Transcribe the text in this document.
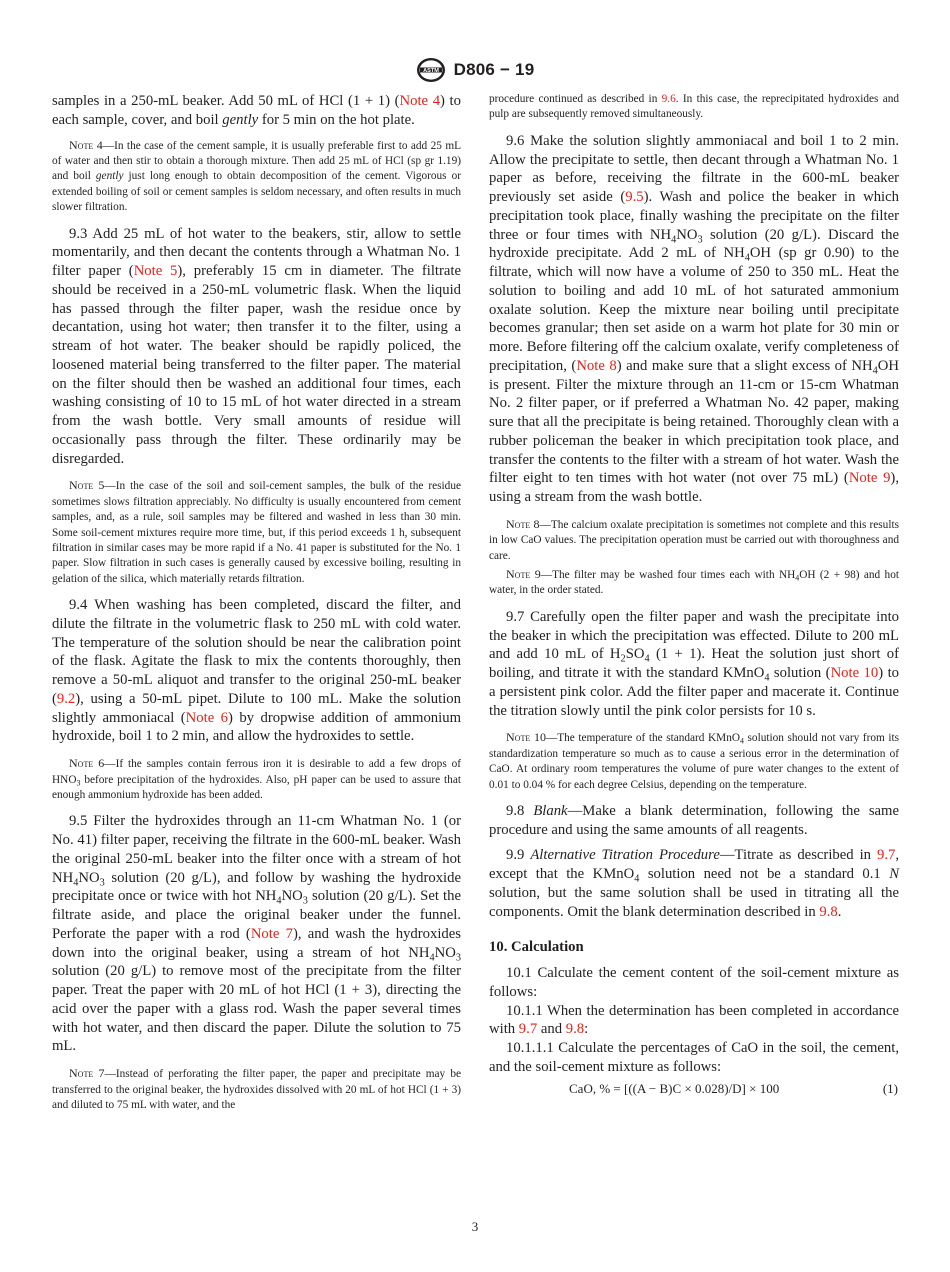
ASTM D806 − 19

samples in a 250-mL beaker. Add 50 mL of HCl (1 + 1) (Note 4) to each sample, cover, and boil gently for 5 min on the hot plate.

Note 4—In the case of the cement sample, it is usually preferable first to add 25 mL of water and then stir to obtain a thorough mixture. Then add 25 mL of HCl (sp gr 1.19) and boil gently just long enough to obtain decomposition of the cement. Vigorous or extended boiling of soil or cement samples is seldom necessary, and often results in much slower filtration.

9.3 Add 25 mL of hot water to the beakers, stir, allow to settle momentarily, and then decant the contents through a Whatman No. 1 filter paper (Note 5), preferably 15 cm in diameter. The filtrate should be received in a 250-mL volumetric flask. When the liquid has passed through the filter paper, wash the residue once by decantation, using hot water; then transfer it to the filter, using a stream of hot water. The beaker should be rapidly policed, the loosened material being transferred to the filter paper. The material on the filter should then be washed an additional four times, each washing consisting of 10 to 15 mL of hot water directed in a stream from the wash bottle. Very small amounts of residue will occasionally pass through the filter. These ordinarily may be disregarded.

Note 5—In the case of the soil and soil-cement samples, the bulk of the residue sometimes slows filtration appreciably. No difficulty is usually encountered from cement samples, and, as a rule, soil samples may be filtered and washed in less than 30 min. Some soil-cement mixtures require more time, but, if this period exceeds 1 h, subsequent filtration in similar cases may be more rapid if a No. 41 paper is substituted for the No. 1 paper. Slow filtration in such cases is generally caused by excessive boiling, resulting in gelation of the silica, which materially retards filtration.

9.4 When washing has been completed, discard the filter, and dilute the filtrate in the volumetric flask to 250 mL with cold water. The temperature of the solution should be near the calibration point of the flask. Agitate the flask to mix the contents thoroughly, then remove a 50-mL aliquot and transfer to the original 250-mL beaker (9.2), using a 50-mL pipet. Dilute to 100 mL. Make the solution slightly ammoniacal (Note 6) by dropwise addition of ammonium hydroxide, boil 1 to 2 min, and allow the hydroxides to settle.

Note 6—If the samples contain ferrous iron it is desirable to add a few drops of $HNO_3$ before precipitation of the hydroxides. Also, pH paper can be used to assure that enough ammonium hydroxide has been added.

9.5 Filter the hydroxides through an 11-cm Whatman No. 1 (or No. 41) filter paper, receiving the filtrate in the 600-mL beaker. Wash the original 250-mL beaker into the filter once with a stream of hot $NH_4NO_3$ solution (20 g/L), and follow by washing the hydroxide precipitate once or twice with hot $NH_4NO_3$ solution (20 g/L). Set the filtrate aside, and place the original beaker under the funnel. Perforate the paper with a rod (Note 7), and wash the hydroxides down into the original beaker, using a stream of hot $NH_4NO_3$ solution (20 g/L) to remove most of the precipitate from the filter paper. Treat the paper with 20 mL of hot HCl (1 + 3), directing the acid over the paper with a glass rod. Wash the paper several times with hot water, and then discard the paper. Dilute the solution to 75 mL.

Note 7—Instead of perforating the filter paper, the paper and precipitate may be transferred to the original beaker, the hydroxides dissolved with 20 mL of hot HCl (1 + 3) and diluted to 75 mL with water, and the

procedure continued as described in 9.6. In this case, the reprecipitated hydroxides and pulp are subsequently removed simultaneously.

9.6 Make the solution slightly ammoniacal and boil 1 to 2 min. Allow the precipitate to settle, then decant through a Whatman No. 1 paper as before, receiving the filtrate in the 600-mL beaker previously set aside (9.5). Wash and police the beaker in which precipitation took place, finally washing the precipitate on the filter three or four times with $NH_4NO_3$ solution (20 g/L). Discard the hydroxide precipitate. Add 2 mL of $NH_4OH$ (sp gr 0.90) to the filtrate, which will now have a volume of 250 to 350 mL. Heat the solution to boiling and add 10 mL of hot saturated ammonium oxalate solution. Keep the mixture near boiling until precipitate becomes granular; then set aside on a warm hot plate for 30 min or more. Before filtering off the calcium oxalate, verify completeness of precipitation, (Note 8) and make sure that a slight excess of $NH_4OH$ is present. Filter the mixture through an 11-cm or 15-cm Whatman No. 2 filter paper, or if preferred a Whatman No. 42 paper, making sure that all the precipitate is being retained. Thoroughly clean with a rubber policeman the beaker in which precipitation took place, and transfer the contents to the filter with a stream of hot water. Wash the filter eight to ten times with hot water (not over 75 mL) (Note 9), using a stream from the wash bottle.

Note 8—The calcium oxalate precipitation is sometimes not complete and this results in low CaO values. The precipitation operation must be carried out with thoroughness and care.

Note 9—The filter may be washed four times each with $NH_4OH$ (2 + 98) and hot water, in the order stated.

9.7 Carefully open the filter paper and wash the precipitate into the beaker in which the precipitation was effected. Dilute to 200 mL and add 10 mL of $H_2SO_4$ (1 + 1). Heat the solution just short of boiling, and titrate it with the standard KMnO$_4$ solution (Note 10) to a persistent pink color. Add the filter paper and macerate it. Continue the titration slowly until the pink color persists for 10 s.

Note 10—The temperature of the standard KMnO$_4$ solution should not vary from its standardization temperature so much as to cause a serious error in the determination of CaO. At ordinary room temperatures the volume of pure water changes to the extent of 0.01 to 0.04 % for each degree Celsius, depending on the temperature.

9.8 Blank—Make a blank determination, following the same procedure and using the same amounts of all reagents.

9.9 Alternative Titration Procedure—Titrate as described in 9.7, except that the KMnO$_4$ solution need not be a standard 0.1 N solution, but the same solution shall be used in titrating all the components. Omit the blank determination described in 9.8.

10. Calculation

10.1 Calculate the cement content of the soil-cement mixture as follows:

10.1.1 When the determination has been completed in accordance with 9.7 and 9.8:

10.1.1.1 Calculate the percentages of CaO in the soil, the cement, and the soil-cement mixture as follows:

CaO, % = [((A − B)C × 0.028)/D] × 100	(1)
3
